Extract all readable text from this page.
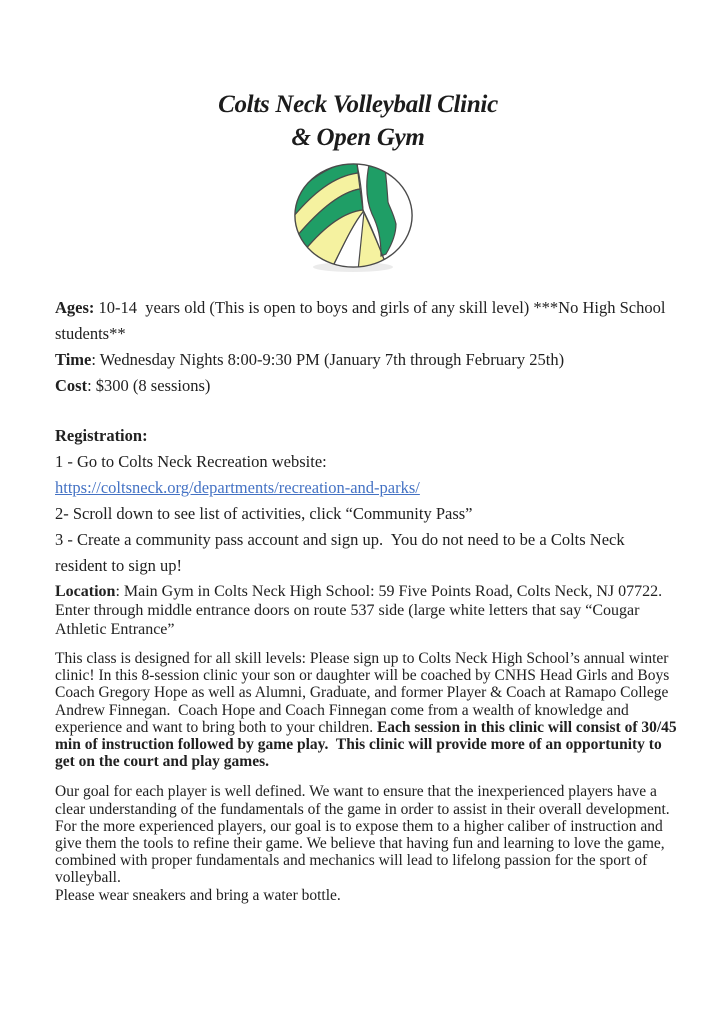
Colts Neck Volleyball Clinic
& Open Gym
Ages: 10-14  years old (This is open to boys and girls of any skill level) ***No High School students**
Time: Wednesday Nights 8:00-9:30 PM (January 7th through February 25th)
Cost: $300 (8 sessions)
Registration:
1 - Go to Colts Neck Recreation website:
https://coltsneck.org/departments/recreation-and-parks/
2- Scroll down to see list of activities, click “Community Pass”
3 - Create a community pass account and sign up.  You do not need to be a Colts Neck resident to sign up!
Location: Main Gym in Colts Neck High School: 59 Five Points Road, Colts Neck, NJ 07722. Enter through middle entrance doors on route 537 side (large white letters that say “Cougar Athletic Entrance”
This class is designed for all skill levels: Please sign up to Colts Neck High School’s annual winter clinic! In this 8-session clinic your son or daughter will be coached by CNHS Head Girls and Boys Coach Gregory Hope as well as Alumni, Graduate, and former Player & Coach at Ramapo College Andrew Finnegan.  Coach Hope and Coach Finnegan come from a wealth of knowledge and experience and want to bring both to your children. Each session in this clinic will consist of 30/45 min of instruction followed by game play.  This clinic will provide more of an opportunity to get on the court and play games.
Our goal for each player is well defined. We want to ensure that the inexperienced players have a clear understanding of the fundamentals of the game in order to assist in their overall development. For the more experienced players, our goal is to expose them to a higher caliber of instruction and give them the tools to refine their game. We believe that having fun and learning to love the game, combined with proper fundamentals and mechanics will lead to lifelong passion for the sport of volleyball.
Please wear sneakers and bring a water bottle.
